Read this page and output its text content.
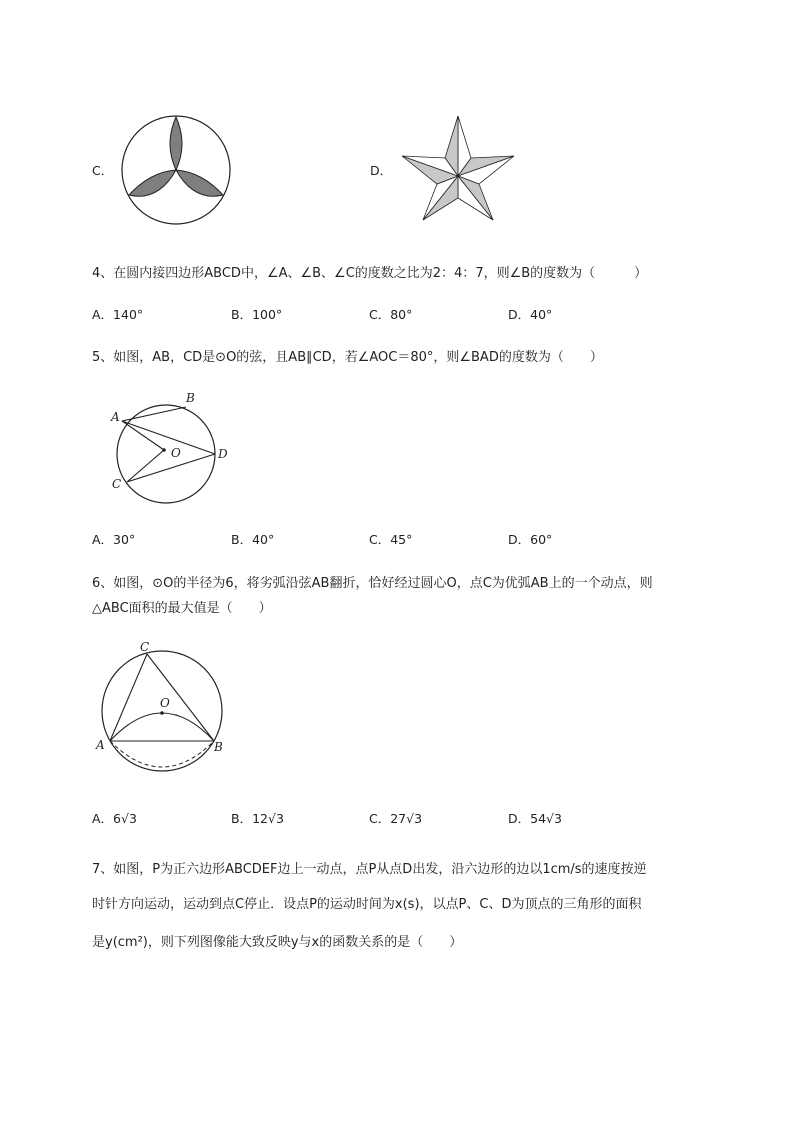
C．	D．
4、在圆内接四边形ABCD中，∠A、∠B、∠C的度数之比为2：4：7，则∠B的度数为（　　　）
A．140°	B．100°	C．80°	D．40°
5、如图，AB，CD是⊙O的弦，且AB∥CD，若∠AOC＝80°，则∠BAD的度数为（　　）
A
B
C
D
O
A．30°	B．40°	C．45°	D．60°
6、如图，⊙O的半径为6，将劣弧沿弦AB翻折，恰好经过圆心O，点C为优弧AB上的一个动点，则
△ABC面积的最大值是（　　）
C
O
A	B
A．6√3	B．12√3	C．27√3	D．54√3
7、如图，P为正六边形ABCDEF边上一动点，点P从点D出发，沿六边形的边以1cm/s的速度按逆
时针方向运动，运动到点C停止．设点P的运动时间为x(s)，以点P、C、D为顶点的三角形的面积
是y(cm²)，则下列图像能大致反映y与x的函数关系的是（　　）
